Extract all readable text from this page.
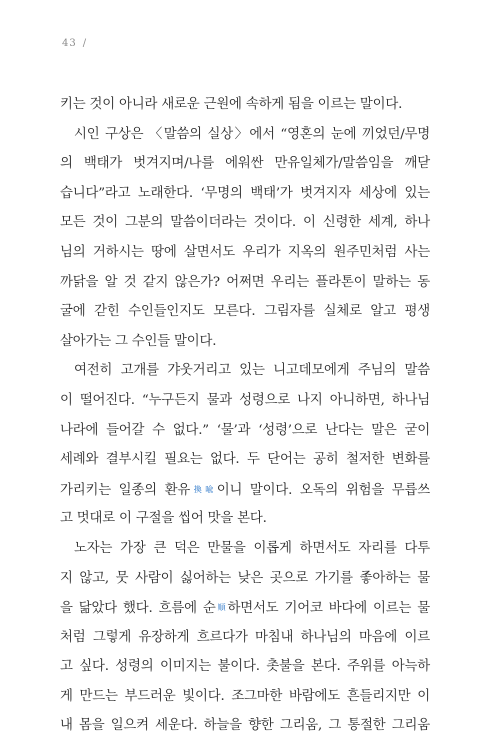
43 /
키는 것이 아니라 새로운 근원에 속하게 됨을 이르는 말이다.
시인 구상은 〈말씀의 실상〉에서 “영혼의 눈에 끼었던/무명
의 백태가 벗겨지며/나를 에워싼 만유일체가/말씀임을 깨닫
습니다”라고 노래한다. ‘무명의 백태’가 벗겨지자 세상에 있는
모든 것이 그분의 말씀이더라는 것이다. 이 신령한 세계, 하나
님의 거하시는 땅에 살면서도 우리가 지옥의 원주민처럼 사는
까닭을 알 것 같지 않은가? 어쩌면 우리는 플라톤이 말하는 동
굴에 갇힌 수인들인지도 모른다. 그림자를 실체로 알고 평생
살아가는 그 수인들 말이다.
여전히 고개를 갸웃거리고 있는 니고데모에게 주님의 말씀
이 떨어진다. “누구든지 물과 성령으로 나지 아니하면, 하나님
나라에 들어갈 수 없다.” ‘물’과 ‘성령’으로 난다는 말은 굳이
세례와 결부시킬 필요는 없다. 두 단어는 공히 철저한 변화를
가리키는 일종의 환유換喩이니 말이다. 오독의 위험을 무릅쓰
고 멋대로 이 구절을 씹어 맛을 본다.
노자는 가장 큰 덕은 만물을 이롭게 하면서도 자리를 다투
지 않고, 뭇 사람이 싫어하는 낮은 곳으로 가기를 좋아하는 물
을 닮았다 했다. 흐름에 순順하면서도 기어코 바다에 이르는 물
처럼 그렇게 유장하게 흐르다가 마침내 하나님의 마음에 이르
고 싶다. 성령의 이미지는 불이다. 촛불을 본다. 주위를 아늑하
게 만드는 부드러운 빛이다. 조그마한 바람에도 흔들리지만 이
내 몸을 일으켜 세운다. 하늘을 향한 그리움, 그 통절한 그리움
